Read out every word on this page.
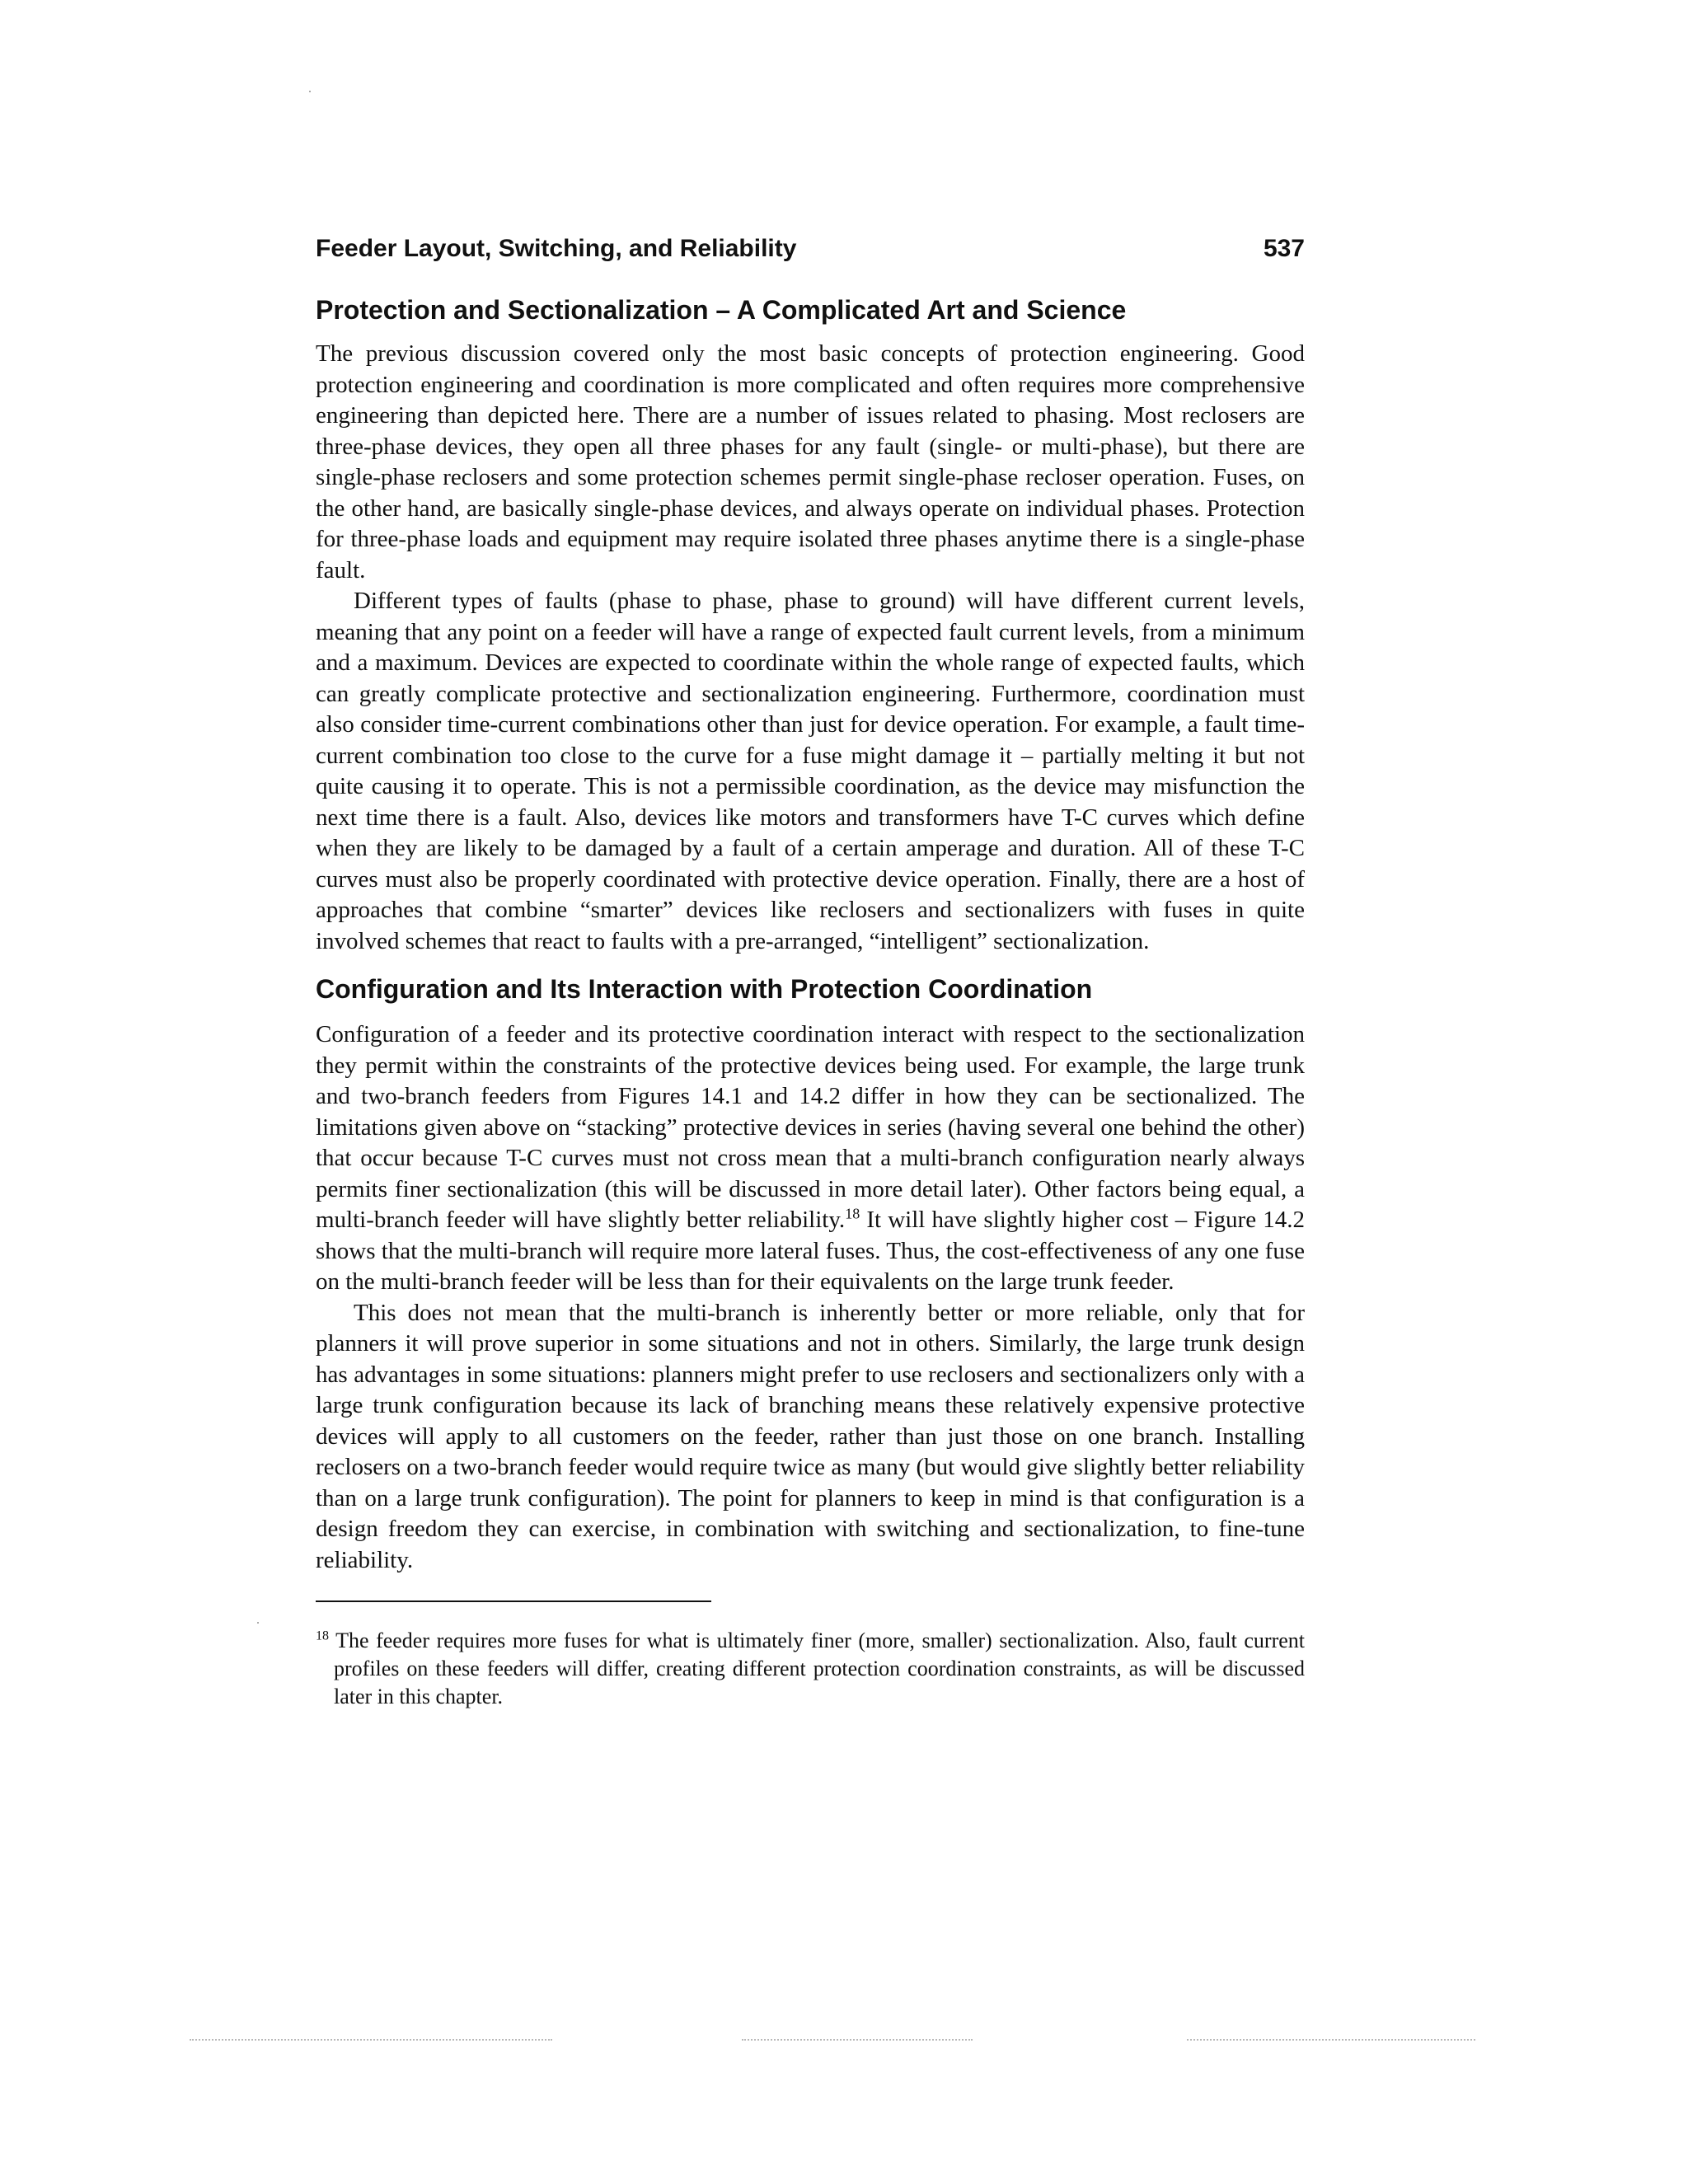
Feeder Layout, Switching, and Reliability	537
Protection and Sectionalization – A Complicated Art and Science

The previous discussion covered only the most basic concepts of protection engineering. Good protection engineering and coordination is more complicated and often requires more comprehensive engineering than depicted here. There are a number of issues related to phasing. Most reclosers are three-phase devices, they open all three phases for any fault (single- or multi-phase), but there are single-phase reclosers and some protection schemes permit single-phase recloser operation. Fuses, on the other hand, are basically single-phase devices, and always operate on individual phases. Protection for three-phase loads and equipment may require isolated three phases anytime there is a single-phase fault.

Different types of faults (phase to phase, phase to ground) will have different current levels, meaning that any point on a feeder will have a range of expected fault current levels, from a minimum and a maximum. Devices are expected to coordinate within the whole range of expected faults, which can greatly complicate protective and sectionalization engineering. Furthermore, coordination must also consider time-current combinations other than just for device operation. For example, a fault time-current combination too close to the curve for a fuse might damage it – partially melting it but not quite causing it to operate. This is not a permissible coordination, as the device may misfunction the next time there is a fault. Also, devices like motors and transformers have T-C curves which define when they are likely to be damaged by a fault of a certain amperage and duration. All of these T-C curves must also be properly coordinated with protective device operation. Finally, there are a host of approaches that combine “smarter” devices like reclosers and sectionalizers with fuses in quite involved schemes that react to faults with a pre-arranged, “intelligent” sectionalization.

Configuration and Its Interaction with Protection Coordination

Configuration of a feeder and its protective coordination interact with respect to the sectionalization they permit within the constraints of the protective devices being used. For example, the large trunk and two-branch feeders from Figures 14.1 and 14.2 differ in how they can be sectionalized. The limitations given above on “stacking” protective devices in series (having several one behind the other) that occur because T-C curves must not cross mean that a multi-branch configuration nearly always permits finer sectionalization (this will be discussed in more detail later). Other factors being equal, a multi-branch feeder will have slightly better reliability.$^{18}$ It will have slightly higher cost – Figure 14.2 shows that the multi-branch will require more lateral fuses. Thus, the cost-effectiveness of any one fuse on the multi-branch feeder will be less than for their equivalents on the large trunk feeder.

This does not mean that the multi-branch is inherently better or more reliable, only that for planners it will prove superior in some situations and not in others. Similarly, the large trunk design has advantages in some situations: planners might prefer to use reclosers and sectionalizers only with a large trunk configuration because its lack of branching means these relatively expensive protective devices will apply to all customers on the feeder, rather than just those on one branch. Installing reclosers on a two-branch feeder would require twice as many (but would give slightly better reliability than on a large trunk configuration). The point for planners to keep in mind is that configuration is a design freedom they can exercise, in combination with switching and sectionalization, to fine-tune reliability.

$^{18}$ The feeder requires more fuses for what is ultimately finer (more, smaller) sectionalization. Also, fault current profiles on these feeders will differ, creating different protection coordination constraints, as will be discussed later in this chapter.
